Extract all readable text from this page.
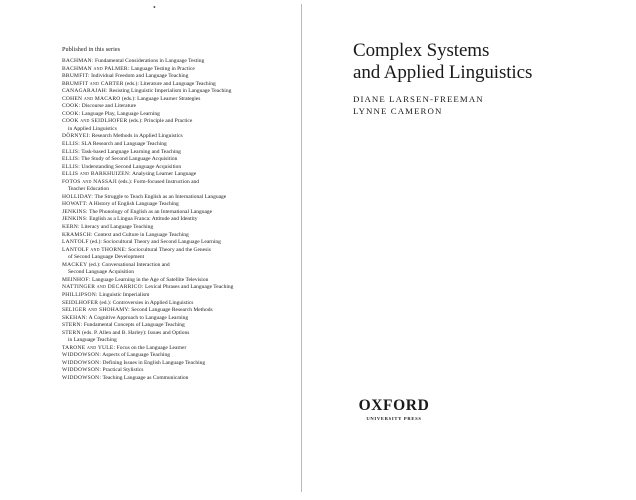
•
Published in this series
BACHMAN: Fundamental Considerations in Language Testing
BACHMAN and PALMER: Language Testing in Practice
BRUMFIT: Individual Freedom and Language Teaching
BRUMFIT and CARTER (eds.): Literature and Language Teaching
CANAGARAJAH: Resisting Linguistic Imperialism in Language Teaching
COHEN and MACARO (eds.): Language Learner Strategies
COOK: Discourse and Literature
COOK: Language Play, Language Learning
COOK and SEIDLHOFER (eds.): Principle and Practice
in Applied Linguistics
DÖRNYEI: Research Methods in Applied Linguistics
ELLIS: SLA Research and Language Teaching
ELLIS: Task-based Language Learning and Teaching
ELLIS: The Study of Second Language Acquisition
ELLIS: Understanding Second Language Acquisition
ELLIS and BARKHUIZEN: Analysing Learner Language
FOTOS and NASSAJI (eds.): Form-focused Instruction and
Teacher Education
HOLLIDAY: The Struggle to Teach English as an International Language
HOWATT: A History of English Language Teaching
JENKINS: The Phonology of English as an International Language
JENKINS: English as a Lingua Franca: Attitude and Identity
KERN: Literacy and Language Teaching
KRAMSCH: Context and Culture in Language Teaching
LANTOLF (ed.): Sociocultural Theory and Second Language Learning
LANTOLF and THORNE: Sociocultural Theory and the Genesis
of Second Language Development
MACKEY (ed.): Conversational Interaction and
Second Language Acquisition
MEINHOF: Language Learning in the Age of Satellite Television
NATTINGER and DECARRICO: Lexical Phrases and Language Teaching
PHILLIPSON: Linguistic Imperialism
SEIDLHOFER (ed.): Controversies in Applied Linguistics
SELIGER and SHOHAMY: Second Language Research Methods
SKEHAN: A Cognitive Approach to Language Learning
STERN: Fundamental Concepts of Language Teaching
STERN (eds. P. Allen and B. Harley): Issues and Options
in Language Teaching
TARONE and YULE: Focus on the Language Learner
WIDDOWSON: Aspects of Language Teaching
WIDDOWSON: Defining Issues in English Language Teaching
WIDDOWSON: Practical Stylistics
WIDDOWSON: Teaching Language as Communication
Complex Systems
and Applied Linguistics
DIANE LARSEN-FREEMAN
LYNNE CAMERON
OXFORD
UNIVERSITY PRESS
